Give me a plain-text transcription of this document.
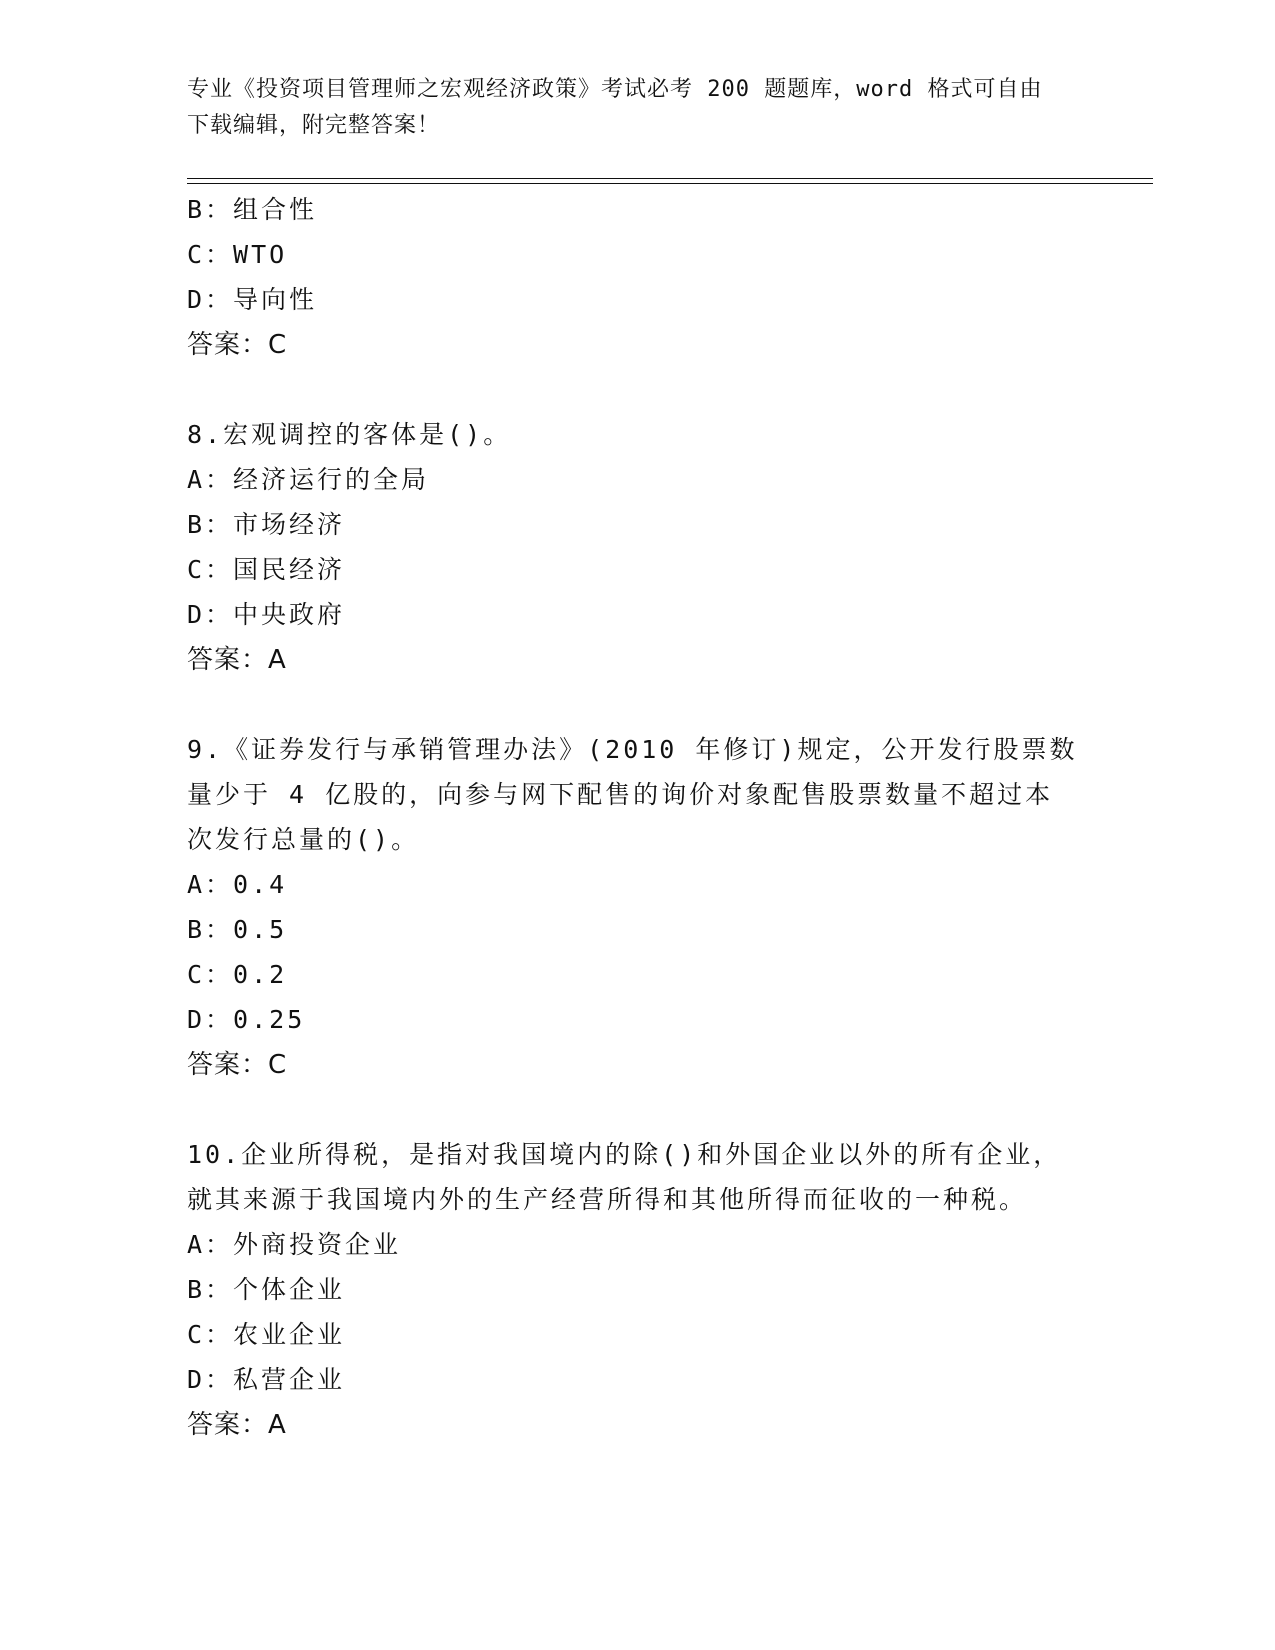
专业《投资项目管理师之宏观经济政策》考试必考 200 题题库，word 格式可自由
下载编辑，附完整答案！
B：组合性
C：WTO
D：导向性
答案：C
8.宏观调控的客体是()。
A：经济运行的全局
B：市场经济
C：国民经济
D：中央政府
答案：A
9.《证券发行与承销管理办法》(2010 年修订)规定，公开发行股票数
量少于 4 亿股的，向参与网下配售的询价对象配售股票数量不超过本
次发行总量的()。
A：0.4
B：0.5
C：0.2
D：0.25
答案：C
10.企业所得税，是指对我国境内的除()和外国企业以外的所有企业，
就其来源于我国境内外的生产经营所得和其他所得而征收的一种税。
A：外商投资企业
B：个体企业
C：农业企业
D：私营企业
答案：A
